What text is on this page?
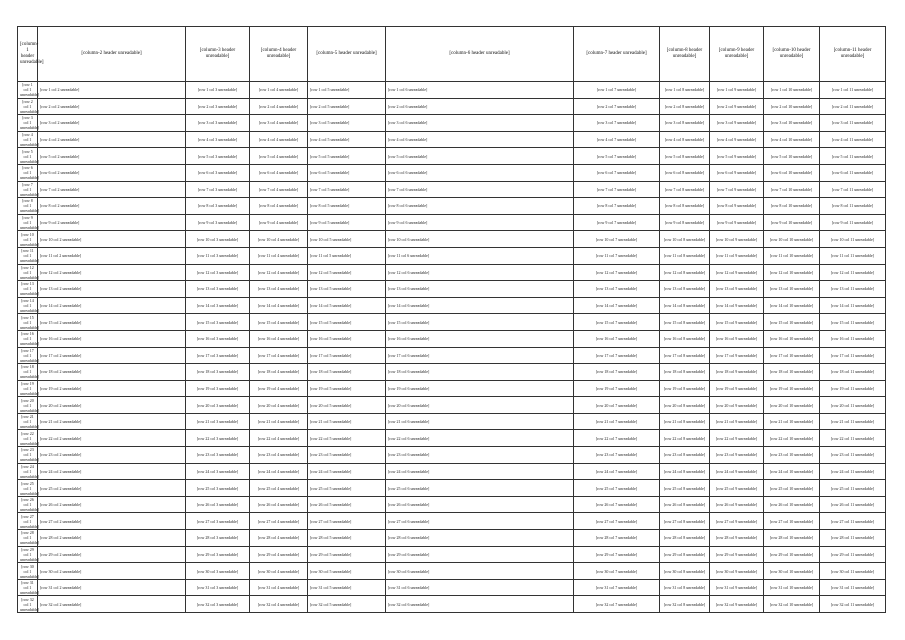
[column-1 header unreadable]	[column-2 header unreadable]	[column-3 header unreadable]	[column-4 header unreadable]	[column-5 header unreadable]	[column-6 header unreadable]	[column-7 header unreadable]	[column-8 header unreadable]	[column-9 header unreadable]	[column-10 header unreadable]	[column-11 header unreadable]
[row 1 col 1 unreadable]	[row 1 col 2 unreadable]	[row 1 col 3 unreadable]	[row 1 col 4 unreadable]	[row 1 col 5 unreadable]	[row 1 col 6 unreadable]	[row 1 col 7 unreadable]	[row 1 col 8 unreadable]	[row 1 col 9 unreadable]	[row 1 col 10 unreadable]	[row 1 col 11 unreadable]
[row 2 col 1 unreadable]	[row 2 col 2 unreadable]	[row 2 col 3 unreadable]	[row 2 col 4 unreadable]	[row 2 col 5 unreadable]	[row 2 col 6 unreadable]	[row 2 col 7 unreadable]	[row 2 col 8 unreadable]	[row 2 col 9 unreadable]	[row 2 col 10 unreadable]	[row 2 col 11 unreadable]
[row 3 col 1 unreadable]	[row 3 col 2 unreadable]	[row 3 col 3 unreadable]	[row 3 col 4 unreadable]	[row 3 col 5 unreadable]	[row 3 col 6 unreadable]	[row 3 col 7 unreadable]	[row 3 col 8 unreadable]	[row 3 col 9 unreadable]	[row 3 col 10 unreadable]	[row 3 col 11 unreadable]
[row 4 col 1 unreadable]	[row 4 col 2 unreadable]	[row 4 col 3 unreadable]	[row 4 col 4 unreadable]	[row 4 col 5 unreadable]	[row 4 col 6 unreadable]	[row 4 col 7 unreadable]	[row 4 col 8 unreadable]	[row 4 col 9 unreadable]	[row 4 col 10 unreadable]	[row 4 col 11 unreadable]
[row 5 col 1 unreadable]	[row 5 col 2 unreadable]	[row 5 col 3 unreadable]	[row 5 col 4 unreadable]	[row 5 col 5 unreadable]	[row 5 col 6 unreadable]	[row 5 col 7 unreadable]	[row 5 col 8 unreadable]	[row 5 col 9 unreadable]	[row 5 col 10 unreadable]	[row 5 col 11 unreadable]
[row 6 col 1 unreadable]	[row 6 col 2 unreadable]	[row 6 col 3 unreadable]	[row 6 col 4 unreadable]	[row 6 col 5 unreadable]	[row 6 col 6 unreadable]	[row 6 col 7 unreadable]	[row 6 col 8 unreadable]	[row 6 col 9 unreadable]	[row 6 col 10 unreadable]	[row 6 col 11 unreadable]
[row 7 col 1 unreadable]	[row 7 col 2 unreadable]	[row 7 col 3 unreadable]	[row 7 col 4 unreadable]	[row 7 col 5 unreadable]	[row 7 col 6 unreadable]	[row 7 col 7 unreadable]	[row 7 col 8 unreadable]	[row 7 col 9 unreadable]	[row 7 col 10 unreadable]	[row 7 col 11 unreadable]
[row 8 col 1 unreadable]	[row 8 col 2 unreadable]	[row 8 col 3 unreadable]	[row 8 col 4 unreadable]	[row 8 col 5 unreadable]	[row 8 col 6 unreadable]	[row 8 col 7 unreadable]	[row 8 col 8 unreadable]	[row 8 col 9 unreadable]	[row 8 col 10 unreadable]	[row 8 col 11 unreadable]
[row 9 col 1 unreadable]	[row 9 col 2 unreadable]	[row 9 col 3 unreadable]	[row 9 col 4 unreadable]	[row 9 col 5 unreadable]	[row 9 col 6 unreadable]	[row 9 col 7 unreadable]	[row 9 col 8 unreadable]	[row 9 col 9 unreadable]	[row 9 col 10 unreadable]	[row 9 col 11 unreadable]
[row 10 col 1 unreadable]	[row 10 col 2 unreadable]	[row 10 col 3 unreadable]	[row 10 col 4 unreadable]	[row 10 col 5 unreadable]	[row 10 col 6 unreadable]	[row 10 col 7 unreadable]	[row 10 col 8 unreadable]	[row 10 col 9 unreadable]	[row 10 col 10 unreadable]	[row 10 col 11 unreadable]
[row 11 col 1 unreadable]	[row 11 col 2 unreadable]	[row 11 col 3 unreadable]	[row 11 col 4 unreadable]	[row 11 col 5 unreadable]	[row 11 col 6 unreadable]	[row 11 col 7 unreadable]	[row 11 col 8 unreadable]	[row 11 col 9 unreadable]	[row 11 col 10 unreadable]	[row 11 col 11 unreadable]
[row 12 col 1 unreadable]	[row 12 col 2 unreadable]	[row 12 col 3 unreadable]	[row 12 col 4 unreadable]	[row 12 col 5 unreadable]	[row 12 col 6 unreadable]	[row 12 col 7 unreadable]	[row 12 col 8 unreadable]	[row 12 col 9 unreadable]	[row 12 col 10 unreadable]	[row 12 col 11 unreadable]
[row 13 col 1 unreadable]	[row 13 col 2 unreadable]	[row 13 col 3 unreadable]	[row 13 col 4 unreadable]	[row 13 col 5 unreadable]	[row 13 col 6 unreadable]	[row 13 col 7 unreadable]	[row 13 col 8 unreadable]	[row 13 col 9 unreadable]	[row 13 col 10 unreadable]	[row 13 col 11 unreadable]
[row 14 col 1 unreadable]	[row 14 col 2 unreadable]	[row 14 col 3 unreadable]	[row 14 col 4 unreadable]	[row 14 col 5 unreadable]	[row 14 col 6 unreadable]	[row 14 col 7 unreadable]	[row 14 col 8 unreadable]	[row 14 col 9 unreadable]	[row 14 col 10 unreadable]	[row 14 col 11 unreadable]
[row 15 col 1 unreadable]	[row 15 col 2 unreadable]	[row 15 col 3 unreadable]	[row 15 col 4 unreadable]	[row 15 col 5 unreadable]	[row 15 col 6 unreadable]	[row 15 col 7 unreadable]	[row 15 col 8 unreadable]	[row 15 col 9 unreadable]	[row 15 col 10 unreadable]	[row 15 col 11 unreadable]
[row 16 col 1 unreadable]	[row 16 col 2 unreadable]	[row 16 col 3 unreadable]	[row 16 col 4 unreadable]	[row 16 col 5 unreadable]	[row 16 col 6 unreadable]	[row 16 col 7 unreadable]	[row 16 col 8 unreadable]	[row 16 col 9 unreadable]	[row 16 col 10 unreadable]	[row 16 col 11 unreadable]
[row 17 col 1 unreadable]	[row 17 col 2 unreadable]	[row 17 col 3 unreadable]	[row 17 col 4 unreadable]	[row 17 col 5 unreadable]	[row 17 col 6 unreadable]	[row 17 col 7 unreadable]	[row 17 col 8 unreadable]	[row 17 col 9 unreadable]	[row 17 col 10 unreadable]	[row 17 col 11 unreadable]
[row 18 col 1 unreadable]	[row 18 col 2 unreadable]	[row 18 col 3 unreadable]	[row 18 col 4 unreadable]	[row 18 col 5 unreadable]	[row 18 col 6 unreadable]	[row 18 col 7 unreadable]	[row 18 col 8 unreadable]	[row 18 col 9 unreadable]	[row 18 col 10 unreadable]	[row 18 col 11 unreadable]
[row 19 col 1 unreadable]	[row 19 col 2 unreadable]	[row 19 col 3 unreadable]	[row 19 col 4 unreadable]	[row 19 col 5 unreadable]	[row 19 col 6 unreadable]	[row 19 col 7 unreadable]	[row 19 col 8 unreadable]	[row 19 col 9 unreadable]	[row 19 col 10 unreadable]	[row 19 col 11 unreadable]
[row 20 col 1 unreadable]	[row 20 col 2 unreadable]	[row 20 col 3 unreadable]	[row 20 col 4 unreadable]	[row 20 col 5 unreadable]	[row 20 col 6 unreadable]	[row 20 col 7 unreadable]	[row 20 col 8 unreadable]	[row 20 col 9 unreadable]	[row 20 col 10 unreadable]	[row 20 col 11 unreadable]
[row 21 col 1 unreadable]	[row 21 col 2 unreadable]	[row 21 col 3 unreadable]	[row 21 col 4 unreadable]	[row 21 col 5 unreadable]	[row 21 col 6 unreadable]	[row 21 col 7 unreadable]	[row 21 col 8 unreadable]	[row 21 col 9 unreadable]	[row 21 col 10 unreadable]	[row 21 col 11 unreadable]
[row 22 col 1 unreadable]	[row 22 col 2 unreadable]	[row 22 col 3 unreadable]	[row 22 col 4 unreadable]	[row 22 col 5 unreadable]	[row 22 col 6 unreadable]	[row 22 col 7 unreadable]	[row 22 col 8 unreadable]	[row 22 col 9 unreadable]	[row 22 col 10 unreadable]	[row 22 col 11 unreadable]
[row 23 col 1 unreadable]	[row 23 col 2 unreadable]	[row 23 col 3 unreadable]	[row 23 col 4 unreadable]	[row 23 col 5 unreadable]	[row 23 col 6 unreadable]	[row 23 col 7 unreadable]	[row 23 col 8 unreadable]	[row 23 col 9 unreadable]	[row 23 col 10 unreadable]	[row 23 col 11 unreadable]
[row 24 col 1 unreadable]	[row 24 col 2 unreadable]	[row 24 col 3 unreadable]	[row 24 col 4 unreadable]	[row 24 col 5 unreadable]	[row 24 col 6 unreadable]	[row 24 col 7 unreadable]	[row 24 col 8 unreadable]	[row 24 col 9 unreadable]	[row 24 col 10 unreadable]	[row 24 col 11 unreadable]
[row 25 col 1 unreadable]	[row 25 col 2 unreadable]	[row 25 col 3 unreadable]	[row 25 col 4 unreadable]	[row 25 col 5 unreadable]	[row 25 col 6 unreadable]	[row 25 col 7 unreadable]	[row 25 col 8 unreadable]	[row 25 col 9 unreadable]	[row 25 col 10 unreadable]	[row 25 col 11 unreadable]
[row 26 col 1 unreadable]	[row 26 col 2 unreadable]	[row 26 col 3 unreadable]	[row 26 col 4 unreadable]	[row 26 col 5 unreadable]	[row 26 col 6 unreadable]	[row 26 col 7 unreadable]	[row 26 col 8 unreadable]	[row 26 col 9 unreadable]	[row 26 col 10 unreadable]	[row 26 col 11 unreadable]
[row 27 col 1 unreadable]	[row 27 col 2 unreadable]	[row 27 col 3 unreadable]	[row 27 col 4 unreadable]	[row 27 col 5 unreadable]	[row 27 col 6 unreadable]	[row 27 col 7 unreadable]	[row 27 col 8 unreadable]	[row 27 col 9 unreadable]	[row 27 col 10 unreadable]	[row 27 col 11 unreadable]
[row 28 col 1 unreadable]	[row 28 col 2 unreadable]	[row 28 col 3 unreadable]	[row 28 col 4 unreadable]	[row 28 col 5 unreadable]	[row 28 col 6 unreadable]	[row 28 col 7 unreadable]	[row 28 col 8 unreadable]	[row 28 col 9 unreadable]	[row 28 col 10 unreadable]	[row 28 col 11 unreadable]
[row 29 col 1 unreadable]	[row 29 col 2 unreadable]	[row 29 col 3 unreadable]	[row 29 col 4 unreadable]	[row 29 col 5 unreadable]	[row 29 col 6 unreadable]	[row 29 col 7 unreadable]	[row 29 col 8 unreadable]	[row 29 col 9 unreadable]	[row 29 col 10 unreadable]	[row 29 col 11 unreadable]
[row 30 col 1 unreadable]	[row 30 col 2 unreadable]	[row 30 col 3 unreadable]	[row 30 col 4 unreadable]	[row 30 col 5 unreadable]	[row 30 col 6 unreadable]	[row 30 col 7 unreadable]	[row 30 col 8 unreadable]	[row 30 col 9 unreadable]	[row 30 col 10 unreadable]	[row 30 col 11 unreadable]
[row 31 col 1 unreadable]	[row 31 col 2 unreadable]	[row 31 col 3 unreadable]	[row 31 col 4 unreadable]	[row 31 col 5 unreadable]	[row 31 col 6 unreadable]	[row 31 col 7 unreadable]	[row 31 col 8 unreadable]	[row 31 col 9 unreadable]	[row 31 col 10 unreadable]	[row 31 col 11 unreadable]
[row 32 col 1 unreadable]	[row 32 col 2 unreadable]	[row 32 col 3 unreadable]	[row 32 col 4 unreadable]	[row 32 col 5 unreadable]	[row 32 col 6 unreadable]	[row 32 col 7 unreadable]	[row 32 col 8 unreadable]	[row 32 col 9 unreadable]	[row 32 col 10 unreadable]	[row 32 col 11 unreadable]
